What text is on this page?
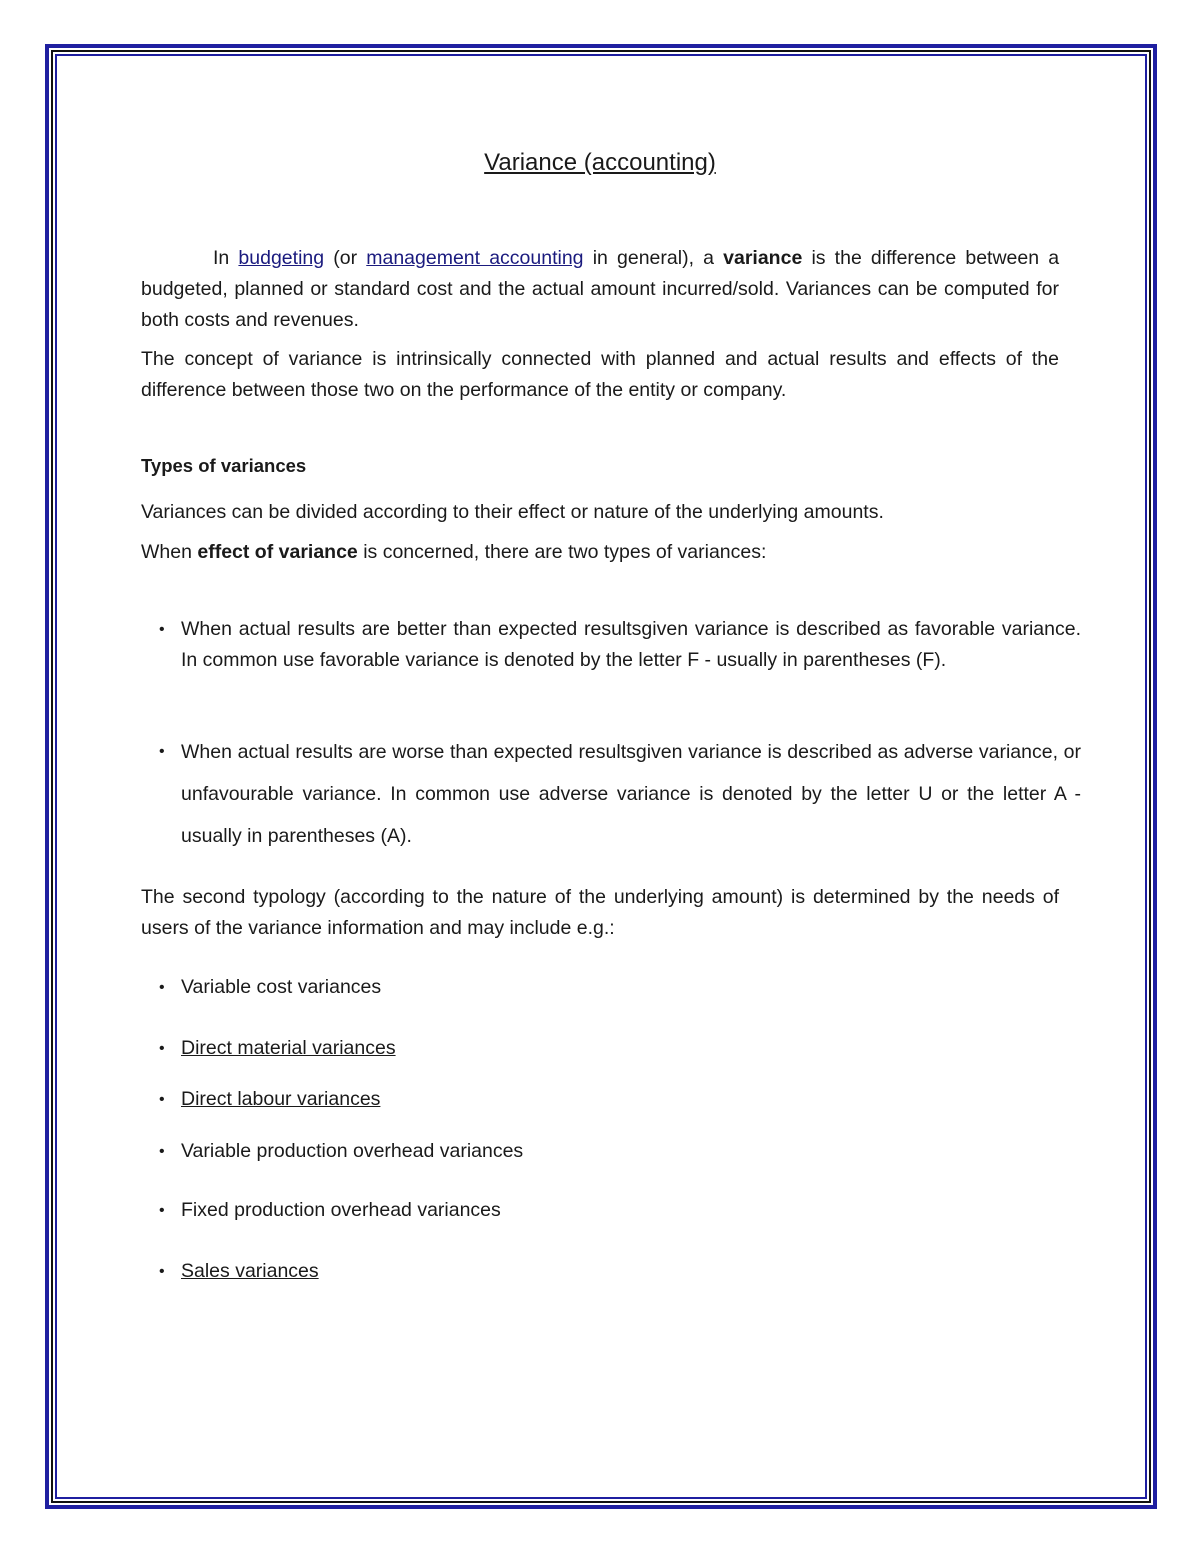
Variance (accounting)

In budgeting (or management accounting in general), a variance is the difference between a budgeted, planned or standard cost and the actual amount incurred/sold. Variances can be computed for both costs and revenues.

The concept of variance is intrinsically connected with planned and actual results and effects of the difference between those two on the performance of the entity or company.

Types of variances

Variances can be divided according to their effect or nature of the underlying amounts.

When effect of variance is concerned, there are two types of variances:

• When actual results are better than expected resultsgiven variance is described as favorable variance. In common use favorable variance is denoted by the letter F - usually in parentheses (F).
• When actual results are worse than expected resultsgiven variance is described as adverse variance, or unfavourable variance. In common use adverse variance is denoted by the letter U or the letter A - usually in parentheses (A).

The second typology (according to the nature of the underlying amount) is determined by the needs of users of the variance information and may include e.g.:

• Variable cost variances
• Direct material variances
• Direct labour variances
• Variable production overhead variances
• Fixed production overhead variances
• Sales variances
